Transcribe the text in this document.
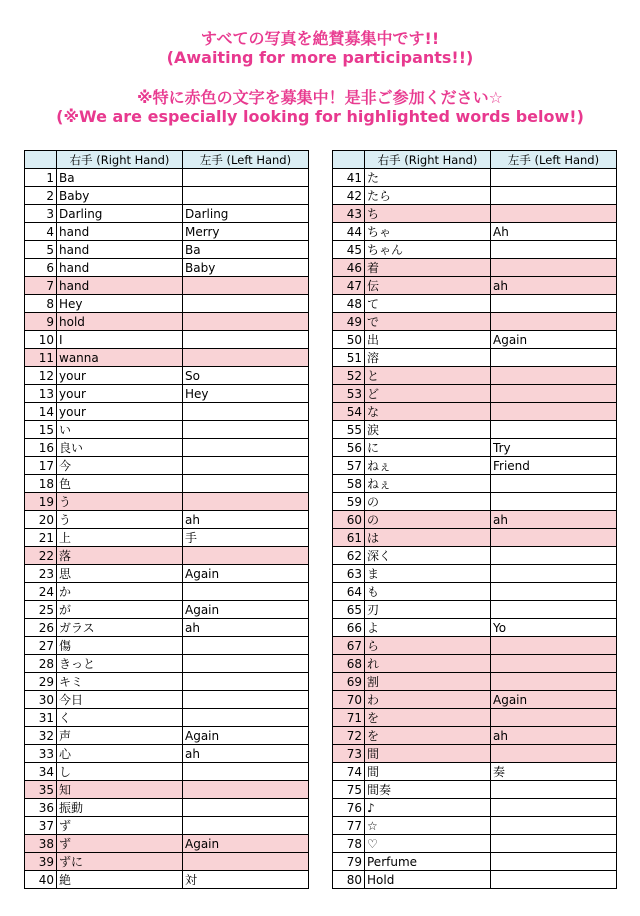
すべての写真を絶賛募集中です!!
(Awaiting for more participants!!)
※特に赤色の文字を募集中！是非ご参加ください☆
(※We are especially looking for highlighted words below!)
	右手 (Right Hand)	左手 (Left Hand)
1	Ba	
2	Baby	
3	Darling	Darling
4	hand	Merry
5	hand	Ba
6	hand	Baby
7	hand	
8	Hey	
9	hold	
10	I	
11	wanna	
12	your	So
13	your	Hey
14	your	
15	い	
16	良い	
17	今	
18	色	
19	う	
20	う	ah
21	上	手
22	落	
23	思	Again
24	か	
25	が	Again
26	ガラス	ah
27	傷	
28	きっと	
29	キミ	
30	今日	
31	く	
32	声	Again
33	心	ah
34	し	
35	知	
36	振動	
37	ず	
38	ず	Again
39	ずに	
40	絶	対
	右手 (Right Hand)	左手 (Left Hand)
41	た	
42	たら	
43	ち	
44	ちゃ	Ah
45	ちゃん	
46	着	
47	伝	ah
48	て	
49	で	
50	出	Again
51	溶	
52	と	
53	ど	
54	な	
55	涙	
56	に	Try
57	ねぇ	Friend
58	ねぇ	
59	の	
60	の	ah
61	は	
62	深く	
63	ま	
64	も	
65	刃	
66	よ	Yo
67	ら	
68	れ	
69	割	
70	わ	Again
71	を	
72	を	ah
73	間	
74	間	奏
75	間奏	
76	♪	
77	☆	
78	♡	
79	Perfume	
80	Hold	
